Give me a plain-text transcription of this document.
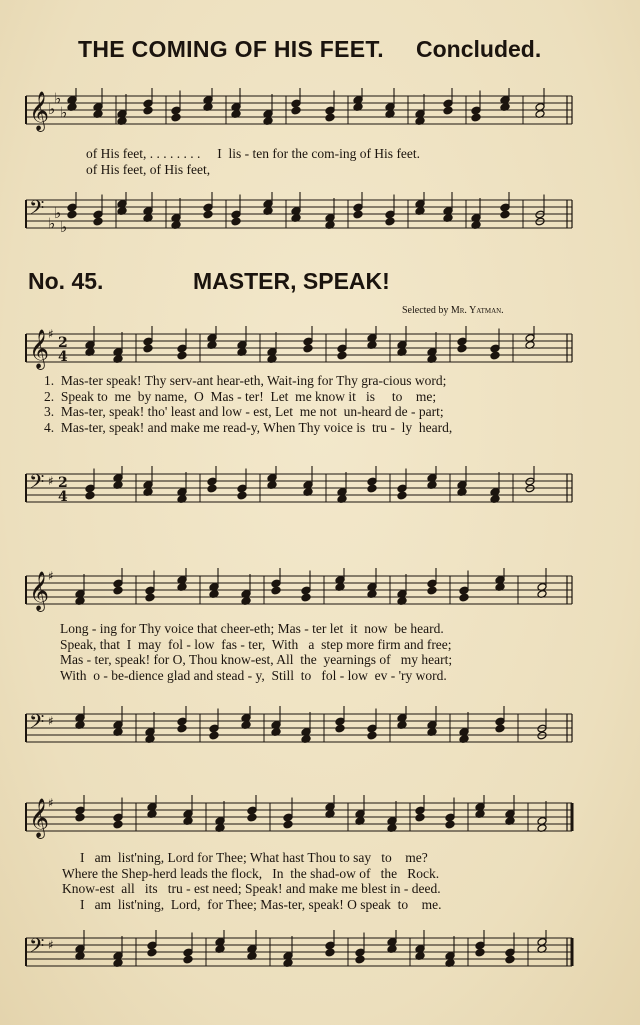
THE COMING OF HIS FEET. Concluded.
𝄞
♭
♭
♭
of His feet, . . . . . . . .     I  lis - ten for the com-ing of His feet.
of His feet, of His feet,
𝄢 ♭
♭
♭
No. 45.	MASTER, SPEAK!
Selected by Mr. Yatman.
𝄞
♯
2
4
1.  Mas-ter speak! Thy serv-ant hear-eth, Wait-ing for Thy gra-cious word;
2.  Speak to  me  by name,  O  Mas - ter!  Let  me know it   is     to    me;
3.  Mas-ter, speak! tho' least and low - est, Let  me not  un-heard de - part;
4.  Mas-ter, speak! and make me read-y, When Thy voice is  tru -  ly  heard,
𝄢 ♯ 2
4
𝄞
♯
Long - ing for Thy voice that cheer-eth; Mas - ter let  it  now  be heard.
Speak, that  I  may  fol - low  fas - ter,  With   a  step more firm and free;
Mas - ter, speak! for O, Thou know-est, All  the  yearnings of   my heart;
With  o - be-dience glad and stead - y,  Still  to   fol - low  ev - 'ry word.
𝄢 ♯
𝄞
♯
I   am  list'ning, Lord for Thee; What hast Thou to say   to    me?
Where the Shep-herd leads the flock,   In  the shad-ow of   the   Rock.
Know-est  all   its   tru - est need; Speak! and make me blest in - deed.
I   am  list'ning,  Lord,  for Thee; Mas-ter, speak! O speak  to    me.
𝄢 ♯
